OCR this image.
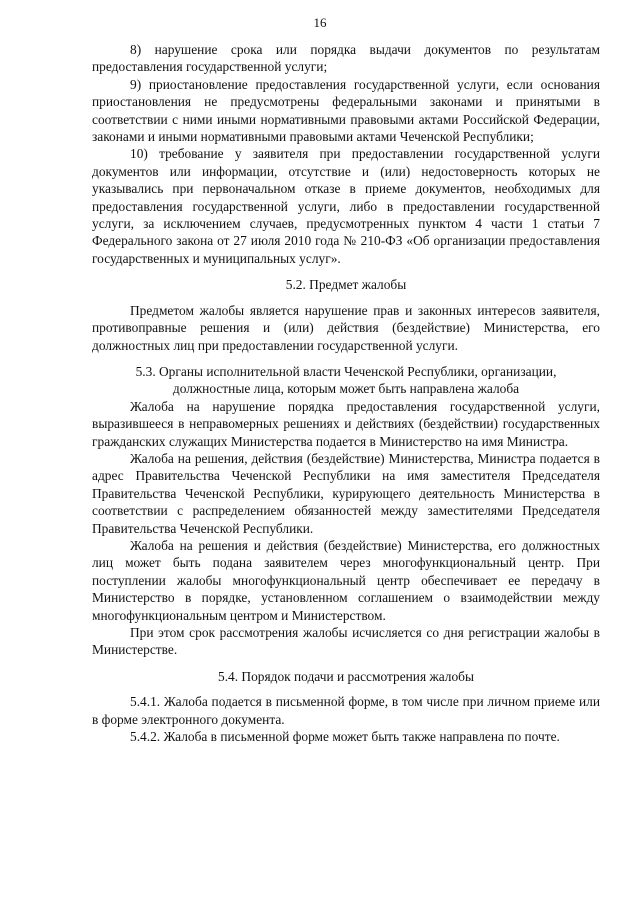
16

8) нарушение срока или порядка выдачи документов по результатам предоставления государственной услуги;

9) приостановление предоставления государственной услуги, если основания приостановления не предусмотрены федеральными законами и принятыми в соответствии с ними иными нормативными правовыми актами Российской Федерации, законами и иными нормативными правовыми актами Чеченской Республики;

10) требование у заявителя при предоставлении государственной услуги документов или информации, отсутствие и (или) недостоверность которых не указывались при первоначальном отказе в приеме документов, необходимых для предоставления государственной услуги, либо в предоставлении государственной услуги, за исключением случаев, предусмотренных пунктом 4 части 1 статьи 7 Федерального закона от 27 июля 2010 года № 210-ФЗ «Об организации предоставления государственных и муниципальных услуг».

5.2. Предмет жалобы

Предметом жалобы является нарушение прав и законных интересов заявителя, противоправные решения и (или) действия (бездействие) Министерства, его должностных лиц при предоставлении государственной услуги.

5.3. Органы исполнительной власти Чеченской Республики, организации,

должностные лица, которым может быть направлена жалоба

Жалоба на нарушение порядка предоставления государственной услуги, выразившееся в неправомерных решениях и действиях (бездействии) государственных гражданских служащих Министерства подается в Министерство на имя Министра.

Жалоба на решения, действия (бездействие) Министерства, Министра подается в адрес Правительства Чеченской Республики на имя заместителя Председателя Правительства Чеченской Республики, курирующего деятельность Министерства в соответствии с распределением обязанностей между заместителями Председателя Правительства Чеченской Республики.

Жалоба на решения и действия (бездействие) Министерства, его должностных лиц может быть подана заявителем через многофункциональный центр. При поступлении жалобы многофункциональный центр обеспечивает ее передачу в Министерство в порядке, установленном соглашением о взаимодействии между многофункциональным центром и Министерством.

При этом срок рассмотрения жалобы исчисляется со дня регистрации жалобы в Министерстве.

5.4. Порядок подачи и рассмотрения жалобы

5.4.1. Жалоба подается в письменной форме, в том числе при личном приеме или в форме электронного документа.

5.4.2. Жалоба в письменной форме может быть также направлена по почте.
